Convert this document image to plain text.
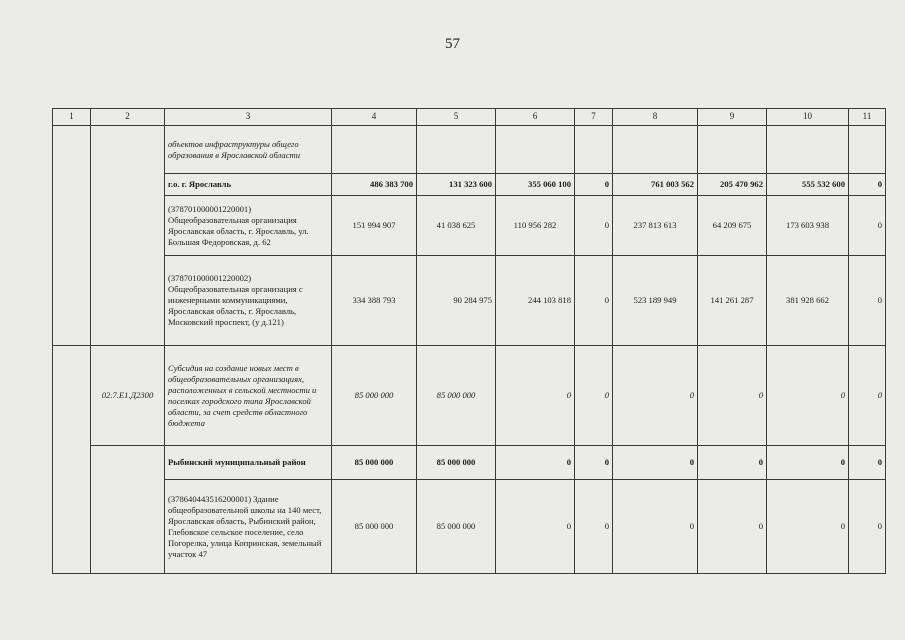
57
1	2	3	4	5	6	7	8	9	10	11
		объектов инфраструктуры общего образования в Ярославской области								
		г.о. г. Ярославль	486 383 700	131 323 600	355 060 100	0	761 003 562	205 470 962	555 532 600	0
		(378701000001220001) Общеобразовательная организация Ярославская область, г. Ярославль, ул. Большая Федоровская, д. 62	151 994 907	41 038 625	110 956 282	0	237 813 613	64 209 675	173 603 938	0
		(378701000001220002) Общеобразовательная организация с инженерными коммуникациями, Ярославская область, г. Ярославль, Московский проспект, (у д.121)	334 388 793	90 284 975	244 103 818	0	523 189 949	141 261 287	381 928 662	0
	02.7.Е1.Д2300	Субсидия на создание новых мест в общеобразовательных организациях, расположенных в сельской местности и поселках городского типа Ярославской области, за счет средств областного бюджета	85 000 000	85 000 000	0	0	0	0	0	0
		Рыбинский муниципальный район	85 000 000	85 000 000	0	0	0	0	0	0
		(378640443516200001) Здание общеобразовательной школы на 140 мест, Ярославская область, Рыбинский район, Глебовское сельское поселение, село Погорелка, улица Копринская, земельный участок 47	85 000 000	85 000 000	0	0	0	0	0	0
